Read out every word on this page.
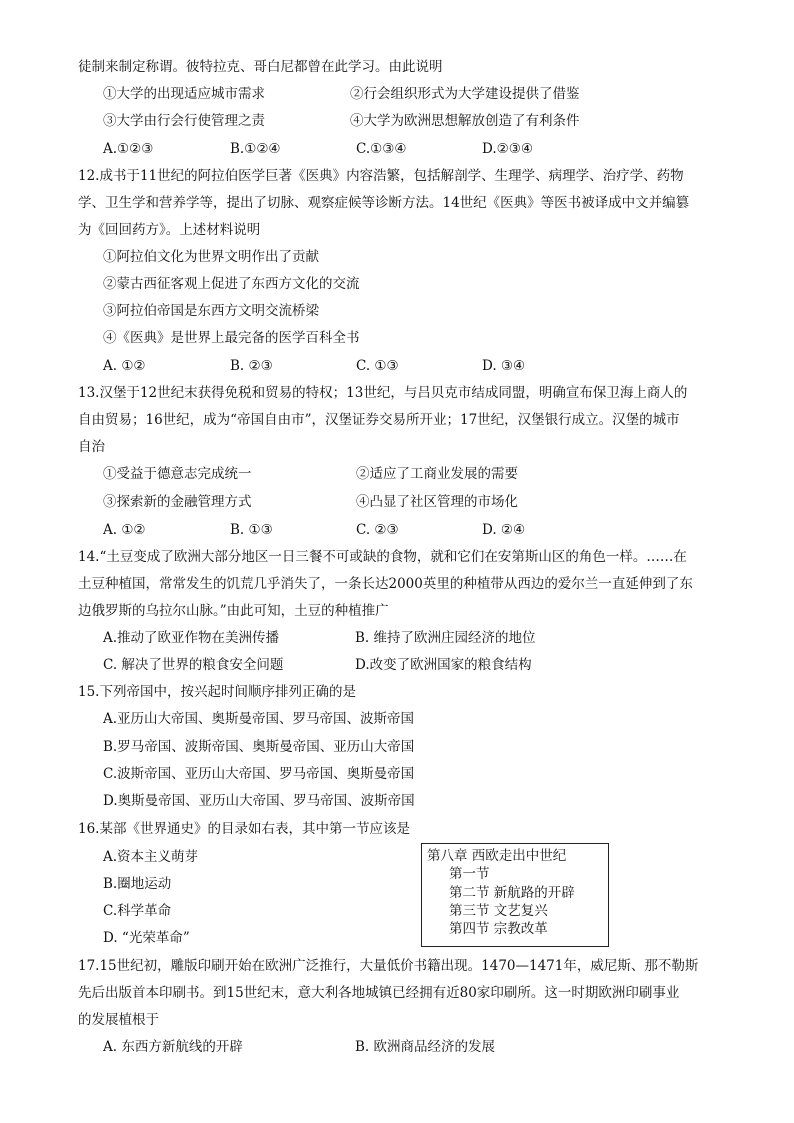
徒制来制定称谓。彼特拉克、哥白尼都曾在此学习。由此说明
①大学的出现适应城市需求	②行会组织形式为大学建设提供了借鉴
③大学由行会行使管理之责	④大学为欧洲思想解放创造了有利条件
A.①②③	B.①②④	C.①③④	D.②③④
12.成书于11世纪的阿拉伯医学巨著《医典》内容浩繁，包括解剖学、生理学、病理学、治疗学、药物
学、卫生学和营养学等，提出了切脉、观察症候等诊断方法。14世纪《医典》等医书被译成中文并编篡
为《回回药方》。上述材料说明
①阿拉伯文化为世界文明作出了贡献
②蒙古西征客观上促进了东西方文化的交流
③阿拉伯帝国是东西方文明交流桥梁
④《医典》是世界上最完备的医学百科全书
A. ①②	B. ②③	C. ①③	D. ③④
13.汉堡于12世纪末获得免税和贸易的特权；13世纪，与吕贝克市结成同盟，明确宣布保卫海上商人的
自由贸易；16世纪，成为“帝国自由市”，汉堡证券交易所开业；17世纪，汉堡银行成立。汉堡的城市
自治
①受益于德意志完成统一	②适应了工商业发展的需要
③探索新的金融管理方式	④凸显了社区管理的市场化
A. ①②	B. ①③	C. ②③	D. ②④
14.“土豆变成了欧洲大部分地区一日三餐不可或缺的食物，就和它们在安第斯山区的角色一样。……在
土豆种植国，常常发生的饥荒几乎消失了，一条长达2000英里的种植带从西边的爱尔兰一直延伸到了东
边俄罗斯的乌拉尔山脉。”由此可知，土豆的种植推广
A.推动了欧亚作物在美洲传播	B. 维持了欧洲庄园经济的地位
C. 解决了世界的粮食安全问题	D.改变了欧洲国家的粮食结构
15.下列帝国中，按兴起时间顺序排列正确的是
A.亚历山大帝国、奥斯曼帝国、罗马帝国、波斯帝国
B.罗马帝国、波斯帝国、奥斯曼帝国、亚历山大帝国
C.波斯帝国、亚历山大帝国、罗马帝国、奥斯曼帝国
D.奥斯曼帝国、亚历山大帝国、罗马帝国、波斯帝国
16.某部《世界通史》的目录如右表，其中第一节应该是
A.资本主义萌芽
B.圈地运动
C.科学革命
D. “光荣革命”
第八章 西欧走出中世纪
第一节
第二节 新航路的开辟
第三节 文艺复兴
第四节 宗教改革
17.15世纪初，雕版印刷开始在欧洲广泛推行，大量低价书籍出现。1470—1471年，威尼斯、那不勒斯
先后出版首本印刷书。到15世纪末，意大利各地城镇已经拥有近80家印刷所。这一时期欧洲印刷事业
的发展植根于
A. 东西方新航线的开辟	B. 欧洲商品经济的发展
